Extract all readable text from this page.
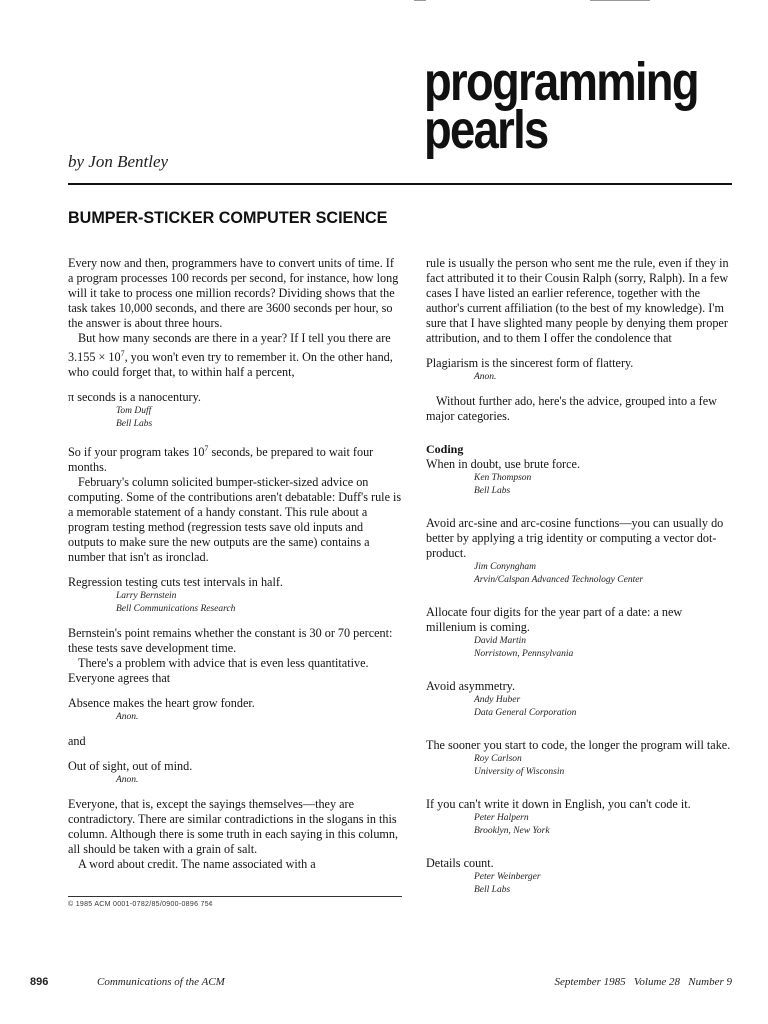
programming
pearls
by Jon Bentley
BUMPER-STICKER COMPUTER SCIENCE

Every now and then, programmers have to convert units of time. If a program processes 100 records per second, for instance, how long will it take to process one million records? Dividing shows that the task takes 10,000 seconds, and there are 3600 seconds per hour, so the answer is about three hours.

But how many seconds are there in a year? If I tell you there are $3.155 \times 10^7$, you won't even try to remember it. On the other hand, who could forget that, to within half a percent,

π seconds is a nanocentury.
Tom Duff
Bell Labs

So if your program takes $10^7$ seconds, be prepared to wait four months.

February's column solicited bumper-sticker-sized advice on computing. Some of the contributions aren't debatable: Duff's rule is a memorable statement of a handy constant. This rule about a program testing method (regression tests save old inputs and outputs to make sure the new outputs are the same) contains a number that isn't as ironclad.

Regression testing cuts test intervals in half.
Larry Bernstein
Bell Communications Research

Bernstein's point remains whether the constant is 30 or 70 percent: these tests save development time.

There's a problem with advice that is even less quantitative. Everyone agrees that

Absence makes the heart grow fonder.
Anon.

and

Out of sight, out of mind.
Anon.

Everyone, that is, except the sayings themselves—they are contradictory. There are similar contradictions in the slogans in this column. Although there is some truth in each saying in this column, all should be taken with a grain of salt.

A word about credit. The name associated with a

rule is usually the person who sent me the rule, even if they in fact attributed it to their Cousin Ralph (sorry, Ralph). In a few cases I have listed an earlier reference, together with the author's current affiliation (to the best of my knowledge). I'm sure that I have slighted many people by denying them proper attribution, and to them I offer the condolence that

Plagiarism is the sincerest form of flattery.
Anon.

Without further ado, here's the advice, grouped into a few major categories.

Coding
When in doubt, use brute force.
Ken Thompson
Bell Labs
Avoid arc-sine and arc-cosine functions—you can usually do better by applying a trig identity or computing a vector dot-product.
Jim Conyngham
Arvin/Calspan Advanced Technology Center
Allocate four digits for the year part of a date: a new millenium is coming.
David Martin
Norristown, Pennsylvania
Avoid asymmetry.
Andy Huber
Data General Corporation
The sooner you start to code, the longer the program will take.
Roy Carlson
University of Wisconsin
If you can't write it down in English, you can't code it.
Peter Halpern
Brooklyn, New York
Details count.
Peter Weinberger
Bell Labs
© 1985 ACM 0001-0782/85/0900-0896 75¢
896	Communications of the ACM	September 1985   Volume 28   Number 9
